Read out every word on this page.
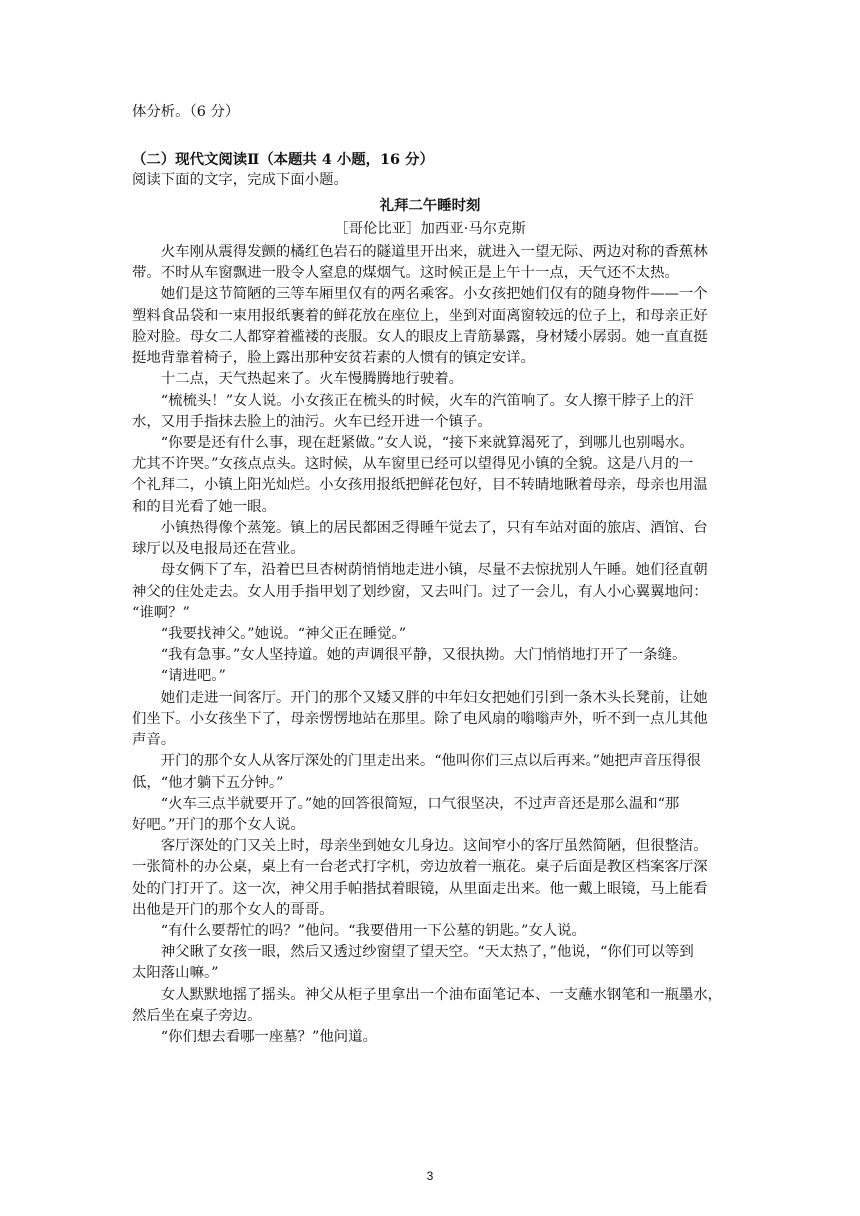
体分析。（6 分）
（二）现代文阅读Ⅱ（本题共 4 小题，16 分）
阅读下面的文字，完成下面小题。
礼拜二午睡时刻
［哥伦比亚］加西亚·马尔克斯
　　火车刚从震得发颤的橘红色岩石的隧道里开出来，就进入一望无际、两边对称的香蕉林
带。不时从车窗飘进一股令人窒息的煤烟气。这时候正是上午十一点，天气还不太热。
　　她们是这节简陋的三等车厢里仅有的两名乘客。小女孩把她们仅有的随身物件——一个
塑料食品袋和一束用报纸裹着的鲜花放在座位上，坐到对面离窗较远的位子上，和母亲正好
脸对脸。母女二人都穿着褴褛的丧服。女人的眼皮上青筋暴露，身材矮小孱弱。她一直直挺
挺地背靠着椅子，脸上露出那种安贫若素的人惯有的镇定安详。
　　十二点，天气热起来了。火车慢腾腾地行驶着。
　　“梳梳头！”女人说。小女孩正在梳头的时候，火车的汽笛响了。女人擦干脖子上的汗
水，又用手指抹去脸上的油污。火车已经开进一个镇子。
　　“你要是还有什么事，现在赶紧做。”女人说，“接下来就算渴死了，到哪儿也别喝水。
尤其不许哭。”女孩点点头。这时候，从车窗里已经可以望得见小镇的全貌。这是八月的一
个礼拜二，小镇上阳光灿烂。小女孩用报纸把鲜花包好，目不转睛地瞅着母亲，母亲也用温
和的目光看了她一眼。
　　小镇热得像个蒸笼。镇上的居民都困乏得睡午觉去了，只有车站对面的旅店、酒馆、台
球厅以及电报局还在营业。
　　母女俩下了车，沿着巴旦杏树荫悄悄地走进小镇，尽量不去惊扰别人午睡。她们径直朝
神父的住处走去。女人用手指甲划了划纱窗，又去叫门。过了一会儿，有人小心翼翼地问：
“谁啊？”
　　“我要找神父。”她说。“神父正在睡觉。”
　　“我有急事。”女人坚持道。她的声调很平静，又很执拗。大门悄悄地打开了一条缝。
　　“请进吧。”
　　她们走进一间客厅。开门的那个又矮又胖的中年妇女把她们引到一条木头长凳前，让她
们坐下。小女孩坐下了，母亲愣愣地站在那里。除了电风扇的嗡嗡声外，听不到一点儿其他
声音。
　　开门的那个女人从客厅深处的门里走出来。“他叫你们三点以后再来。”她把声音压得很
低，“他才躺下五分钟。”
　　“火车三点半就要开了。”她的回答很简短，口气很坚决，不过声音还是那么温和“那
好吧。”开门的那个女人说。
　　客厅深处的门又关上时，母亲坐到她女儿身边。这间窄小的客厅虽然简陋，但很整洁。
一张简朴的办公桌，桌上有一台老式打字机，旁边放着一瓶花。桌子后面是教区档案客厅深
处的门打开了。这一次，神父用手帕揩拭着眼镜，从里面走出来。他一戴上眼镜，马上能看
出他是开门的那个女人的哥哥。
　　“有什么要帮忙的吗？”他问。“我要借用一下公墓的钥匙。”女人说。
　　神父瞅了女孩一眼，然后又透过纱窗望了望天空。“天太热了，”他说，“你们可以等到
太阳落山嘛。”
　　女人默默地摇了摇头。神父从柜子里拿出一个油布面笔记本、一支蘸水钢笔和一瓶墨水，
然后坐在桌子旁边。
　　“你们想去看哪一座墓？”他问道。
3
